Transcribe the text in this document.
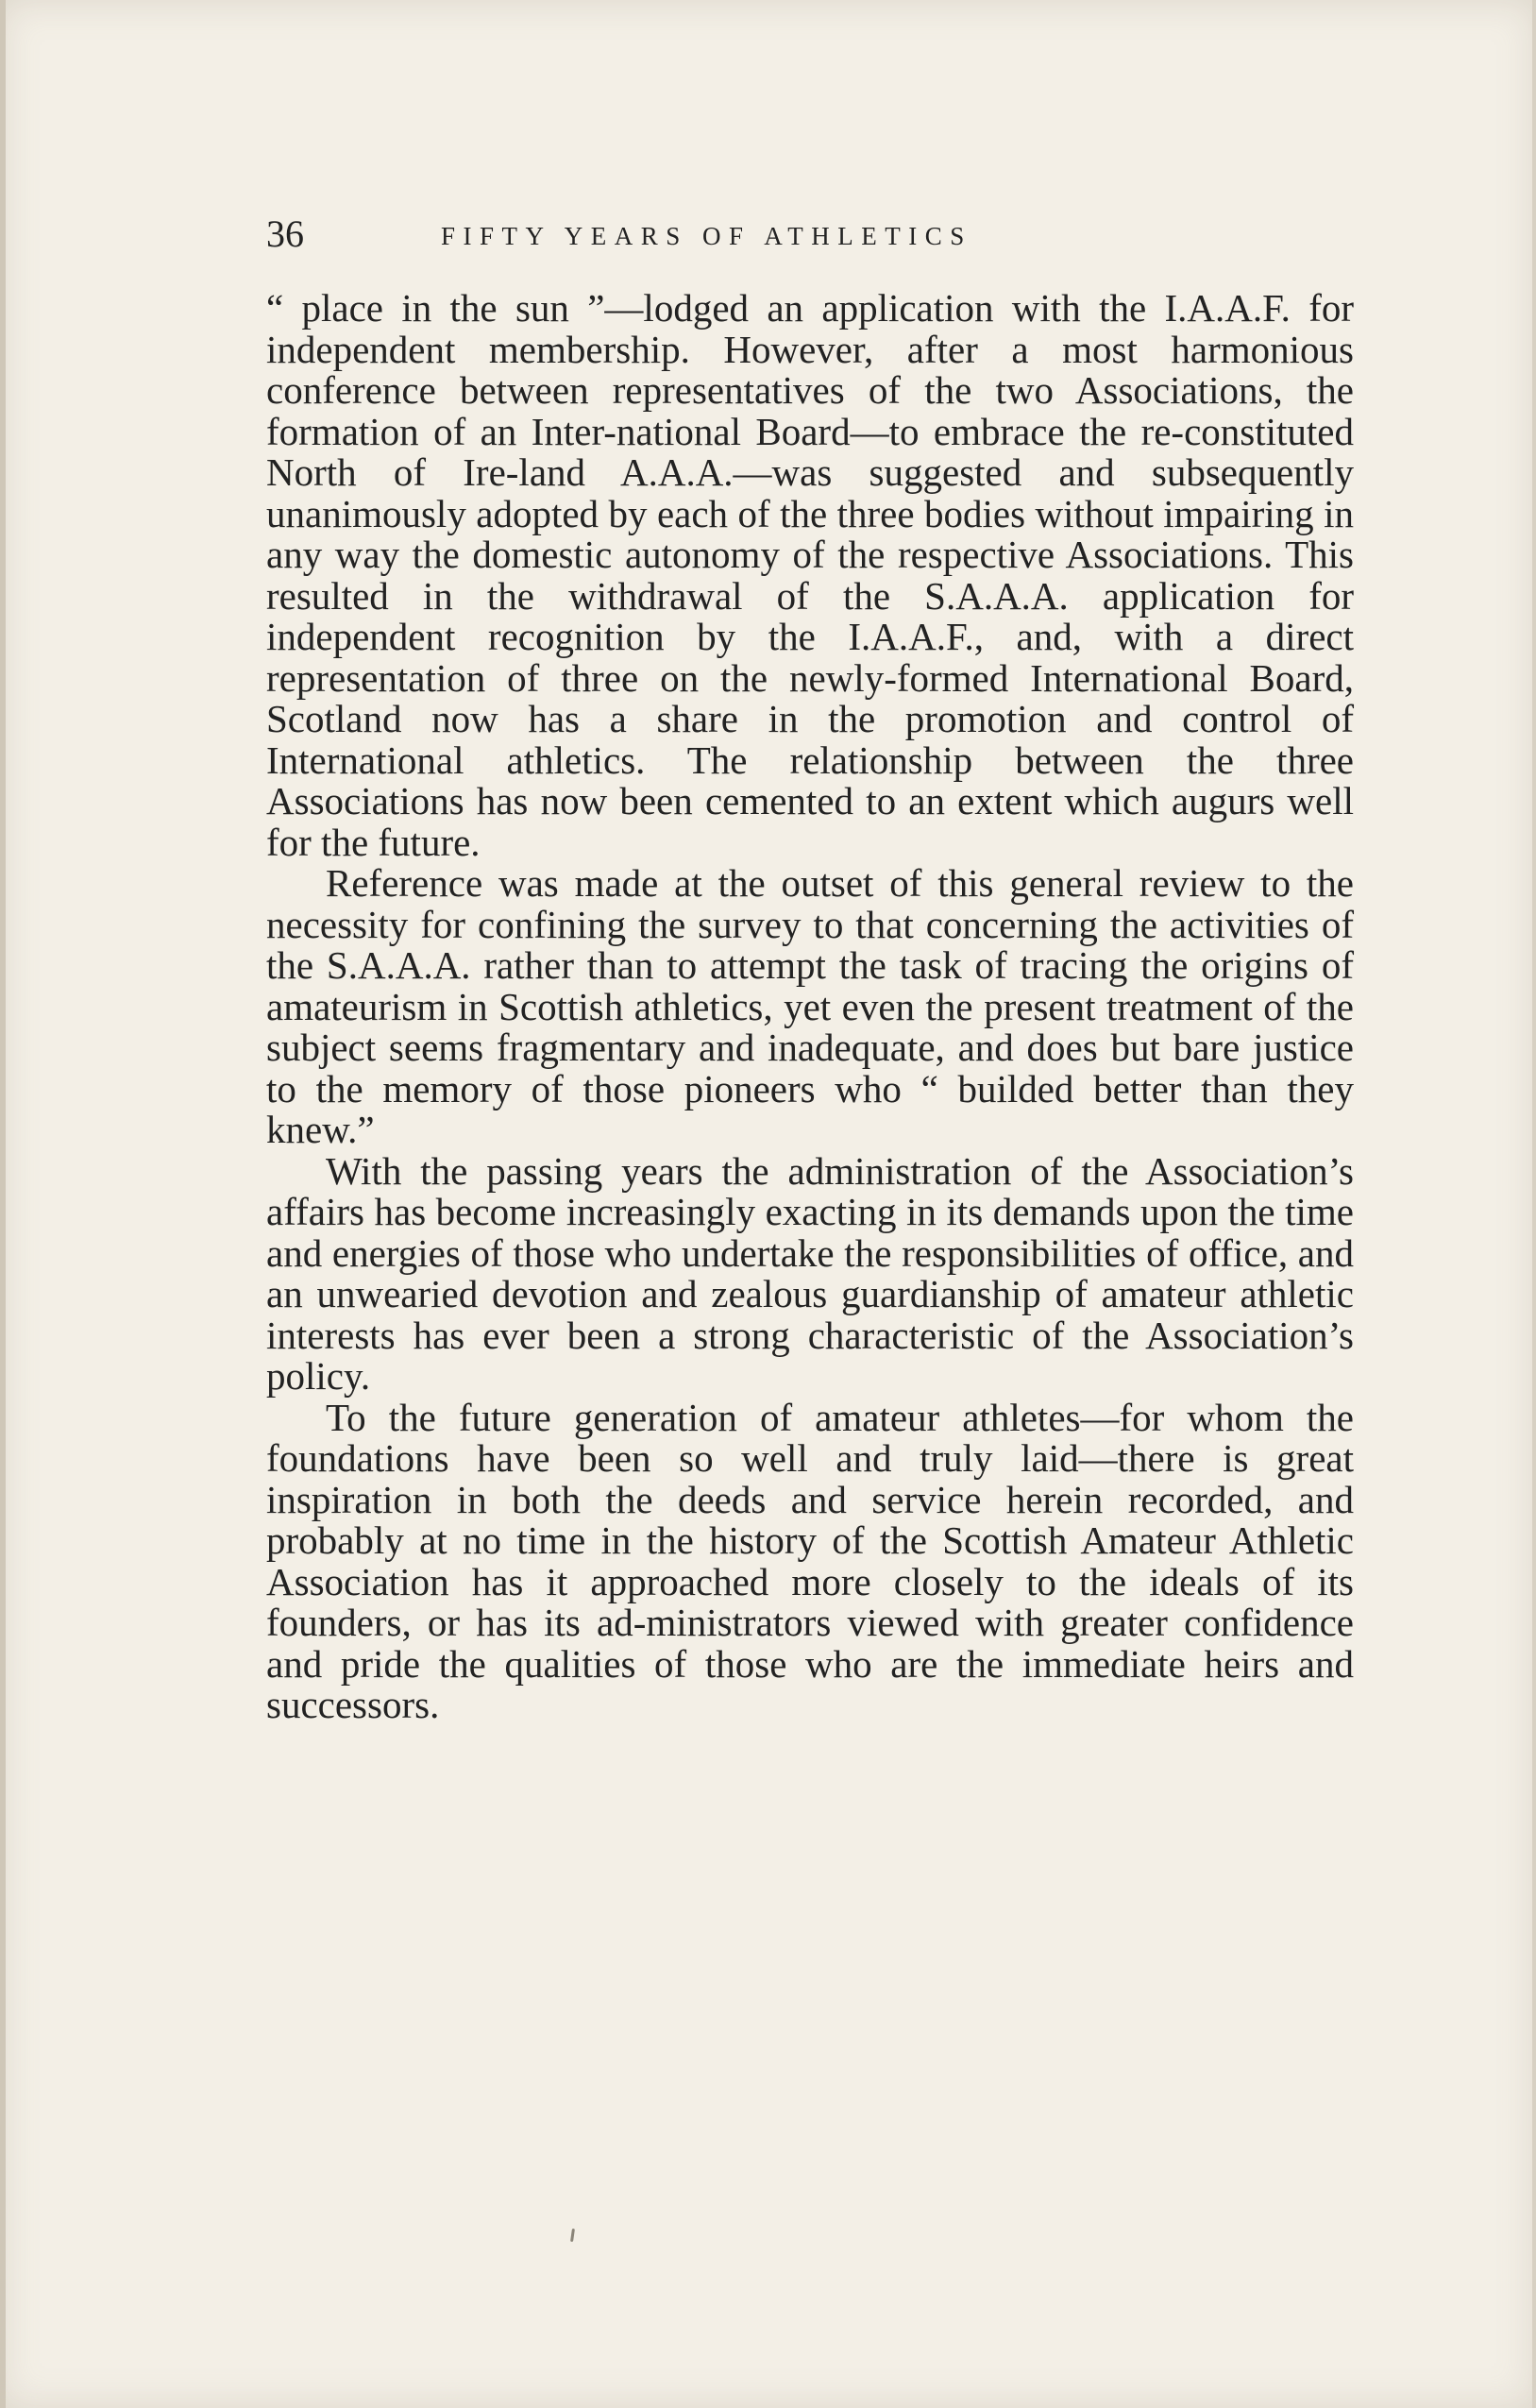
36	FIFTY YEARS OF ATHLETICS

“ place in the sun ”—lodged an application with the I.A.A.F. for independent membership. However, after a most harmonious conference between representatives of the two Associations, the formation of an Inter-national Board—to embrace the re-constituted North of Ire-land A.A.A.—was suggested and subsequently unanimously adopted by each of the three bodies without impairing in any way the domestic autonomy of the respective Associations. This resulted in the withdrawal of the S.A.A.A. application for independent recognition by the I.A.A.F., and, with a direct representation of three on the newly-formed International Board, Scotland now has a share in the promotion and control of International athletics. The relationship between the three Associations has now been cemented to an extent which augurs well for the future.

Reference was made at the outset of this general review to the necessity for confining the survey to that concerning the activities of the S.A.A.A. rather than to attempt the task of tracing the origins of amateurism in Scottish athletics, yet even the present treatment of the subject seems fragmentary and inadequate, and does but bare justice to the memory of those pioneers who “ builded better than they knew.”

With the passing years the administration of the Association’s affairs has become increasingly exacting in its demands upon the time and energies of those who undertake the responsibilities of office, and an unwearied devotion and zealous guardianship of amateur athletic interests has ever been a strong characteristic of the Association’s policy.

To the future generation of amateur athletes—for whom the foundations have been so well and truly laid—there is great inspiration in both the deeds and service herein recorded, and probably at no time in the history of the Scottish Amateur Athletic Association has it approached more closely to the ideals of its founders, or has its ad-ministrators viewed with greater confidence and pride the qualities of those who are the immediate heirs and successors.
